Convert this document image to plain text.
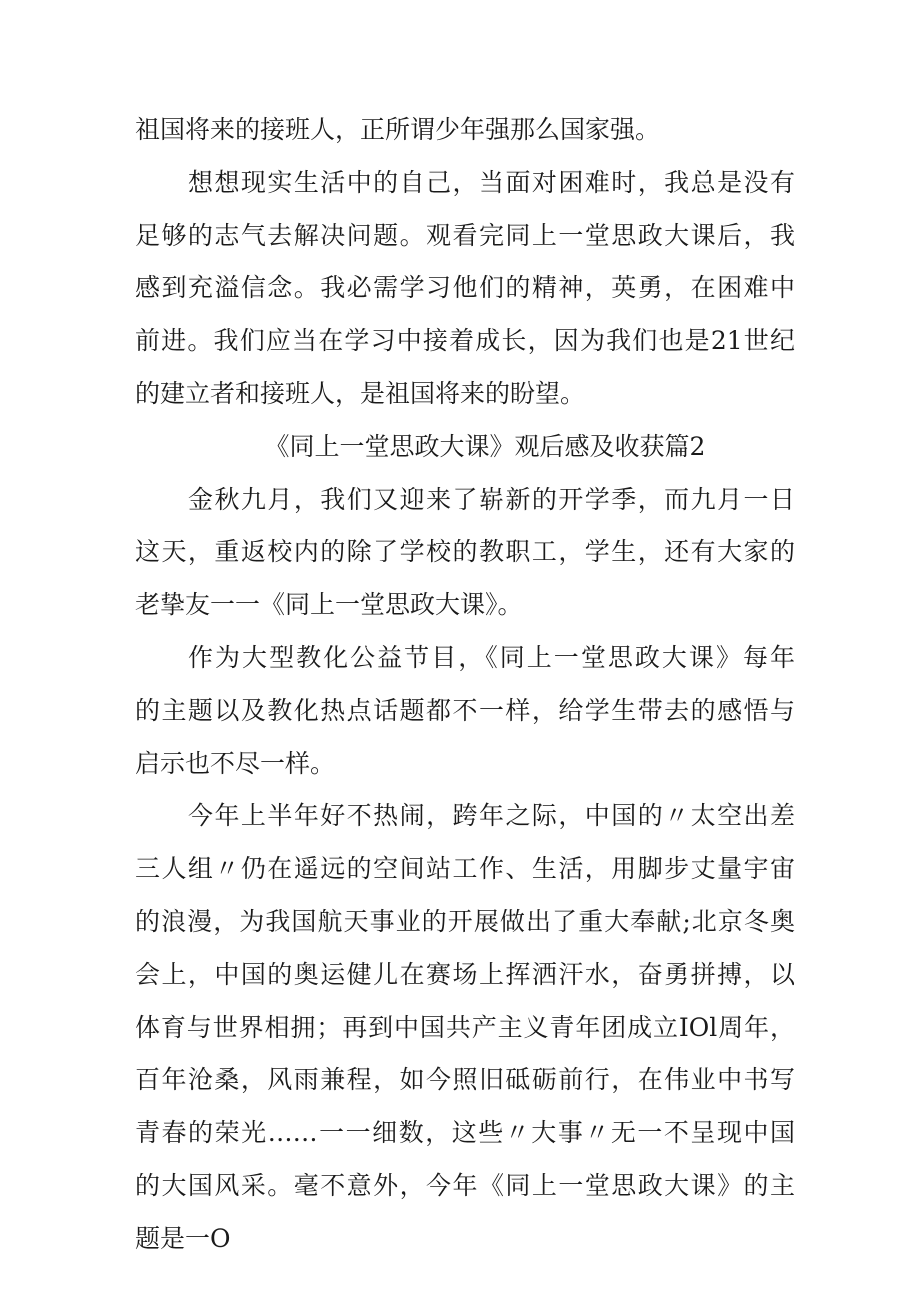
祖国将来的接班人，正所谓少年强那么国家强。
想想现实生活中的自己，当面对困难时，我总是没有
足够的志气去解决问题。观看完同上一堂思政大课后，我
感到充溢信念。我必需学习他们的精神，英勇，在困难中
前进。我们应当在学习中接着成长，因为我们也是21世纪
的建立者和接班人，是祖国将来的盼望。
《同上一堂思政大课》观后感及收获篇2
金秋九月，我们又迎来了崭新的开学季，而九月一日
这天，重返校内的除了学校的教职工，学生，还有大家的
老挚友一一《同上一堂思政大课》。
作为大型教化公益节目，《同上一堂思政大课》每年
的主题以及教化热点话题都不一样，给学生带去的感悟与
启示也不尽一样。
今年上半年好不热闹，跨年之际，中国的〃太空出差
三人组〃仍在遥远的空间站工作、生活，用脚步丈量宇宙
的浪漫，为我国航天事业的开展做出了重大奉献;北京冬奥
会上，中国的奥运健儿在赛场上挥洒汗水，奋勇拼搏，以
体育与世界相拥；再到中国共产主义青年团成立IOl周年，
百年沧桑，风雨兼程，如今照旧砥砺前行，在伟业中书写
青春的荣光……一一细数，这些〃大事〃无一不呈现中国
的大国风采。毫不意外，今年《同上一堂思政大课》的主
题是一O
